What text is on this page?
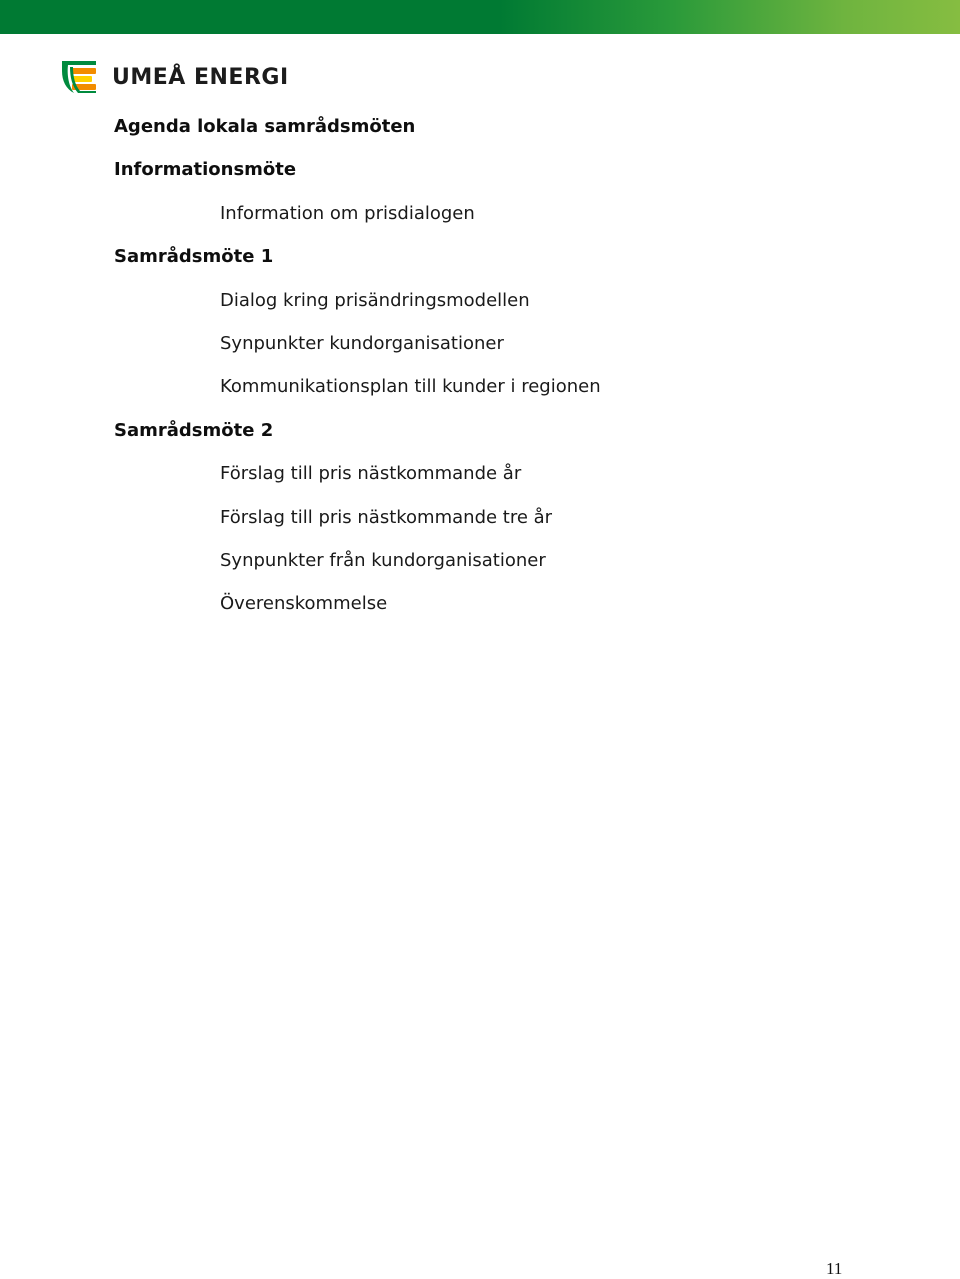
UMEÅ ENERGI
Agenda lokala samrådsmöten
Informationsmöte
Information om prisdialogen
Samrådsmöte 1
Dialog kring prisändringsmodellen
Synpunkter kundorganisationer
Kommunikationsplan till kunder i regionen
Samrådsmöte 2
Förslag till pris nästkommande år
Förslag till pris nästkommande tre år
Synpunkter från kundorganisationer
Överenskommelse
11
